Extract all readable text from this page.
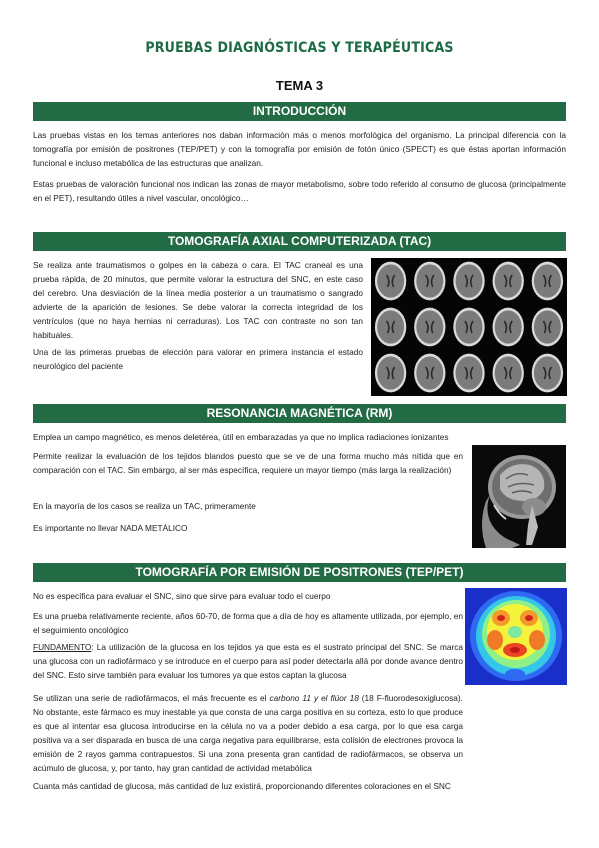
PRUEBAS DIAGNÓSTICAS Y TERAPÉUTICAS
TEMA 3
INTRODUCCIÓN
Las pruebas vistas en los temas anteriores nos daban información más o menos morfológica del organismo. La principal diferencia con la tomografía por emisión de positrones (TEP/PET) y con la tomografía por emisión de fotón único (SPECT) es que éstas aportan información funcional e incluso metabólica de las estructuras que analizan.
Estas pruebas de valoración funcional nos indican las zonas de mayor metabolismo, sobre todo referido al consumo de glucosa (principalmente en el PET), resultando útiles a nivel vascular, oncológico…
TOMOGRAFÍA AXIAL COMPUTERIZADA (TAC)
Se realiza ante traumatismos o golpes en la cabeza o cara. El TAC craneal es una prueba rápida, de 20 minutos, que permite valorar la estructura del SNC, en este caso del cerebro. Una desviación de la línea media posterior a un traumatismo o sangrado advierte de la aparición de lesiones. Se debe valorar la correcta integridad de los ventrículos (que no haya hernias ni cerraduras). Los TAC con contraste no son tan habituales.
Una de las primeras pruebas de elección para valorar en primera instancia el estado neurológico del paciente
RESONANCIA MAGNÉTICA (RM)
Emplea un campo magnético, es menos deletérea, útil en embarazadas ya que no implica radiaciones ionizantes
Permite realizar la evaluación de los tejidos blandos puesto que se ve de una forma mucho más nítida que en comparación con el TAC. Sin embargo, al ser más específica, requiere un mayor tiempo (más larga la realización)
En la mayoría de los casos se realiza un TAC, primeramente
Es importante no llevar NADA METÁLICO
TOMOGRAFÍA POR EMISIÓN DE POSITRONES (TEP/PET)
No es específica para evaluar el SNC, sino que sirve para evaluar todo el cuerpo
Es una prueba relativamente reciente, años 60-70, de forma que a día de hoy es altamente utilizada, por ejemplo, en el seguimiento oncológico
FUNDAMENTO: La utilización de la glucosa en los tejidos ya que esta es el sustrato principal del SNC. Se marca una glucosa con un radiofármaco y se introduce en el cuerpo para así poder detectarla allá por donde avance dentro del SNC. Esto sirve también para evaluar los tumores ya que estos captan la glucosa
Se utilizan una serie de radiofármacos, el más frecuente es el carbono 11 y el flúor 18 (18 F-fluorodesoxiglucosa). No obstante, este fármaco es muy inestable ya que consta de una carga positiva en su corteza, esto lo que produce es que al intentar esa glucosa introducirse en la célula no va a poder debido a esa carga, por lo que esa carga positiva va a ser disparada en busca de una carga negativa para equilibrarse, esta colisión de electrones provoca la emisión de 2 rayos gamma contrapuestos. Si una zona presenta gran cantidad de radiofármacos, se observa un acúmulo de glucosa, y, por tanto, hay gran cantidad de actividad metabólica
Cuanta más cantidad de glucosa, más cantidad de luz existirá, proporcionando diferentes coloraciones en el SNC
